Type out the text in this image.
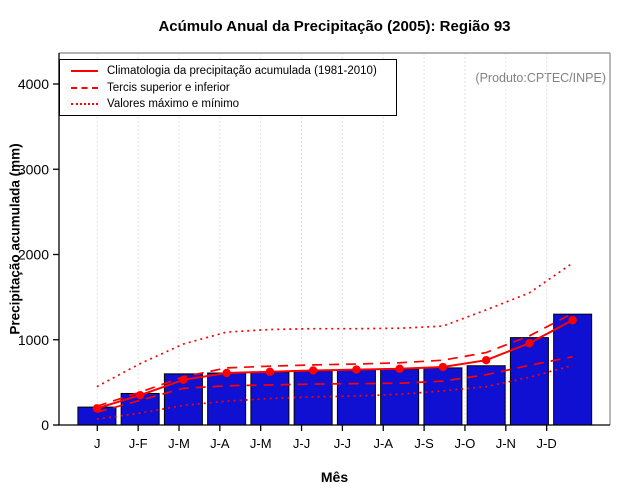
Acúmulo Anual da Precipitação (2005): Região 93
(Produto:CPTEC/INPE)
Precipitação acumulada (mm)
Mês
0
1000
2000
3000
4000
J J-F J-M J-A J-M J-J J-J J-A J-S J-O J-N J-D
Climatologia da precipitação acumulada (1981-2010)
Tercis superior e inferior
Valores máximo e mínimo
